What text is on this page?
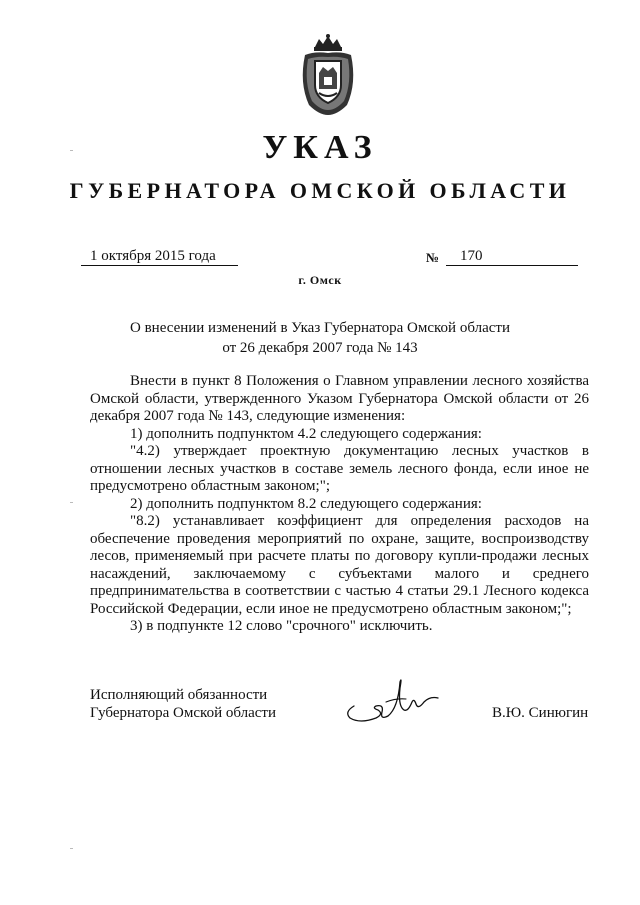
УКАЗ
ГУБЕРНАТОРА ОМСКОЙ ОБЛАСТИ
1 октября 2015 года	№	170
г. Омск
О внесении изменений в Указ Губернатора Омской области
от 26 декабря 2007 года № 143

Внести в пункт 8 Положения о Главном управлении лесного хозяйства Омской области, утвержденного Указом Губернатора Омской области от 26 декабря 2007 года № 143, следующие изменения:

1) дополнить подпунктом 4.2 следующего содержания:

"4.2) утверждает проектную документацию лесных участков в отношении лесных участков в составе земель лесного фонда, если иное не предусмотрено областным законом;";

2) дополнить подпунктом 8.2 следующего содержания:

"8.2) устанавливает коэффициент для определения расходов на обеспечение проведения мероприятий по охране, защите, воспроизводству лесов, применяемый при расчете платы по договору купли-продажи лесных насаждений, заключаемому с субъектами малого и среднего предпринимательства в соответствии с частью 4 статьи 29.1 Лесного кодекса Российской Федерации, если иное не предусмотрено областным законом;";

3) в подпункте 12 слово "срочного" исключить.

Исполняющий обязанности
Губернатора Омской области	В.Ю. Синюгин
